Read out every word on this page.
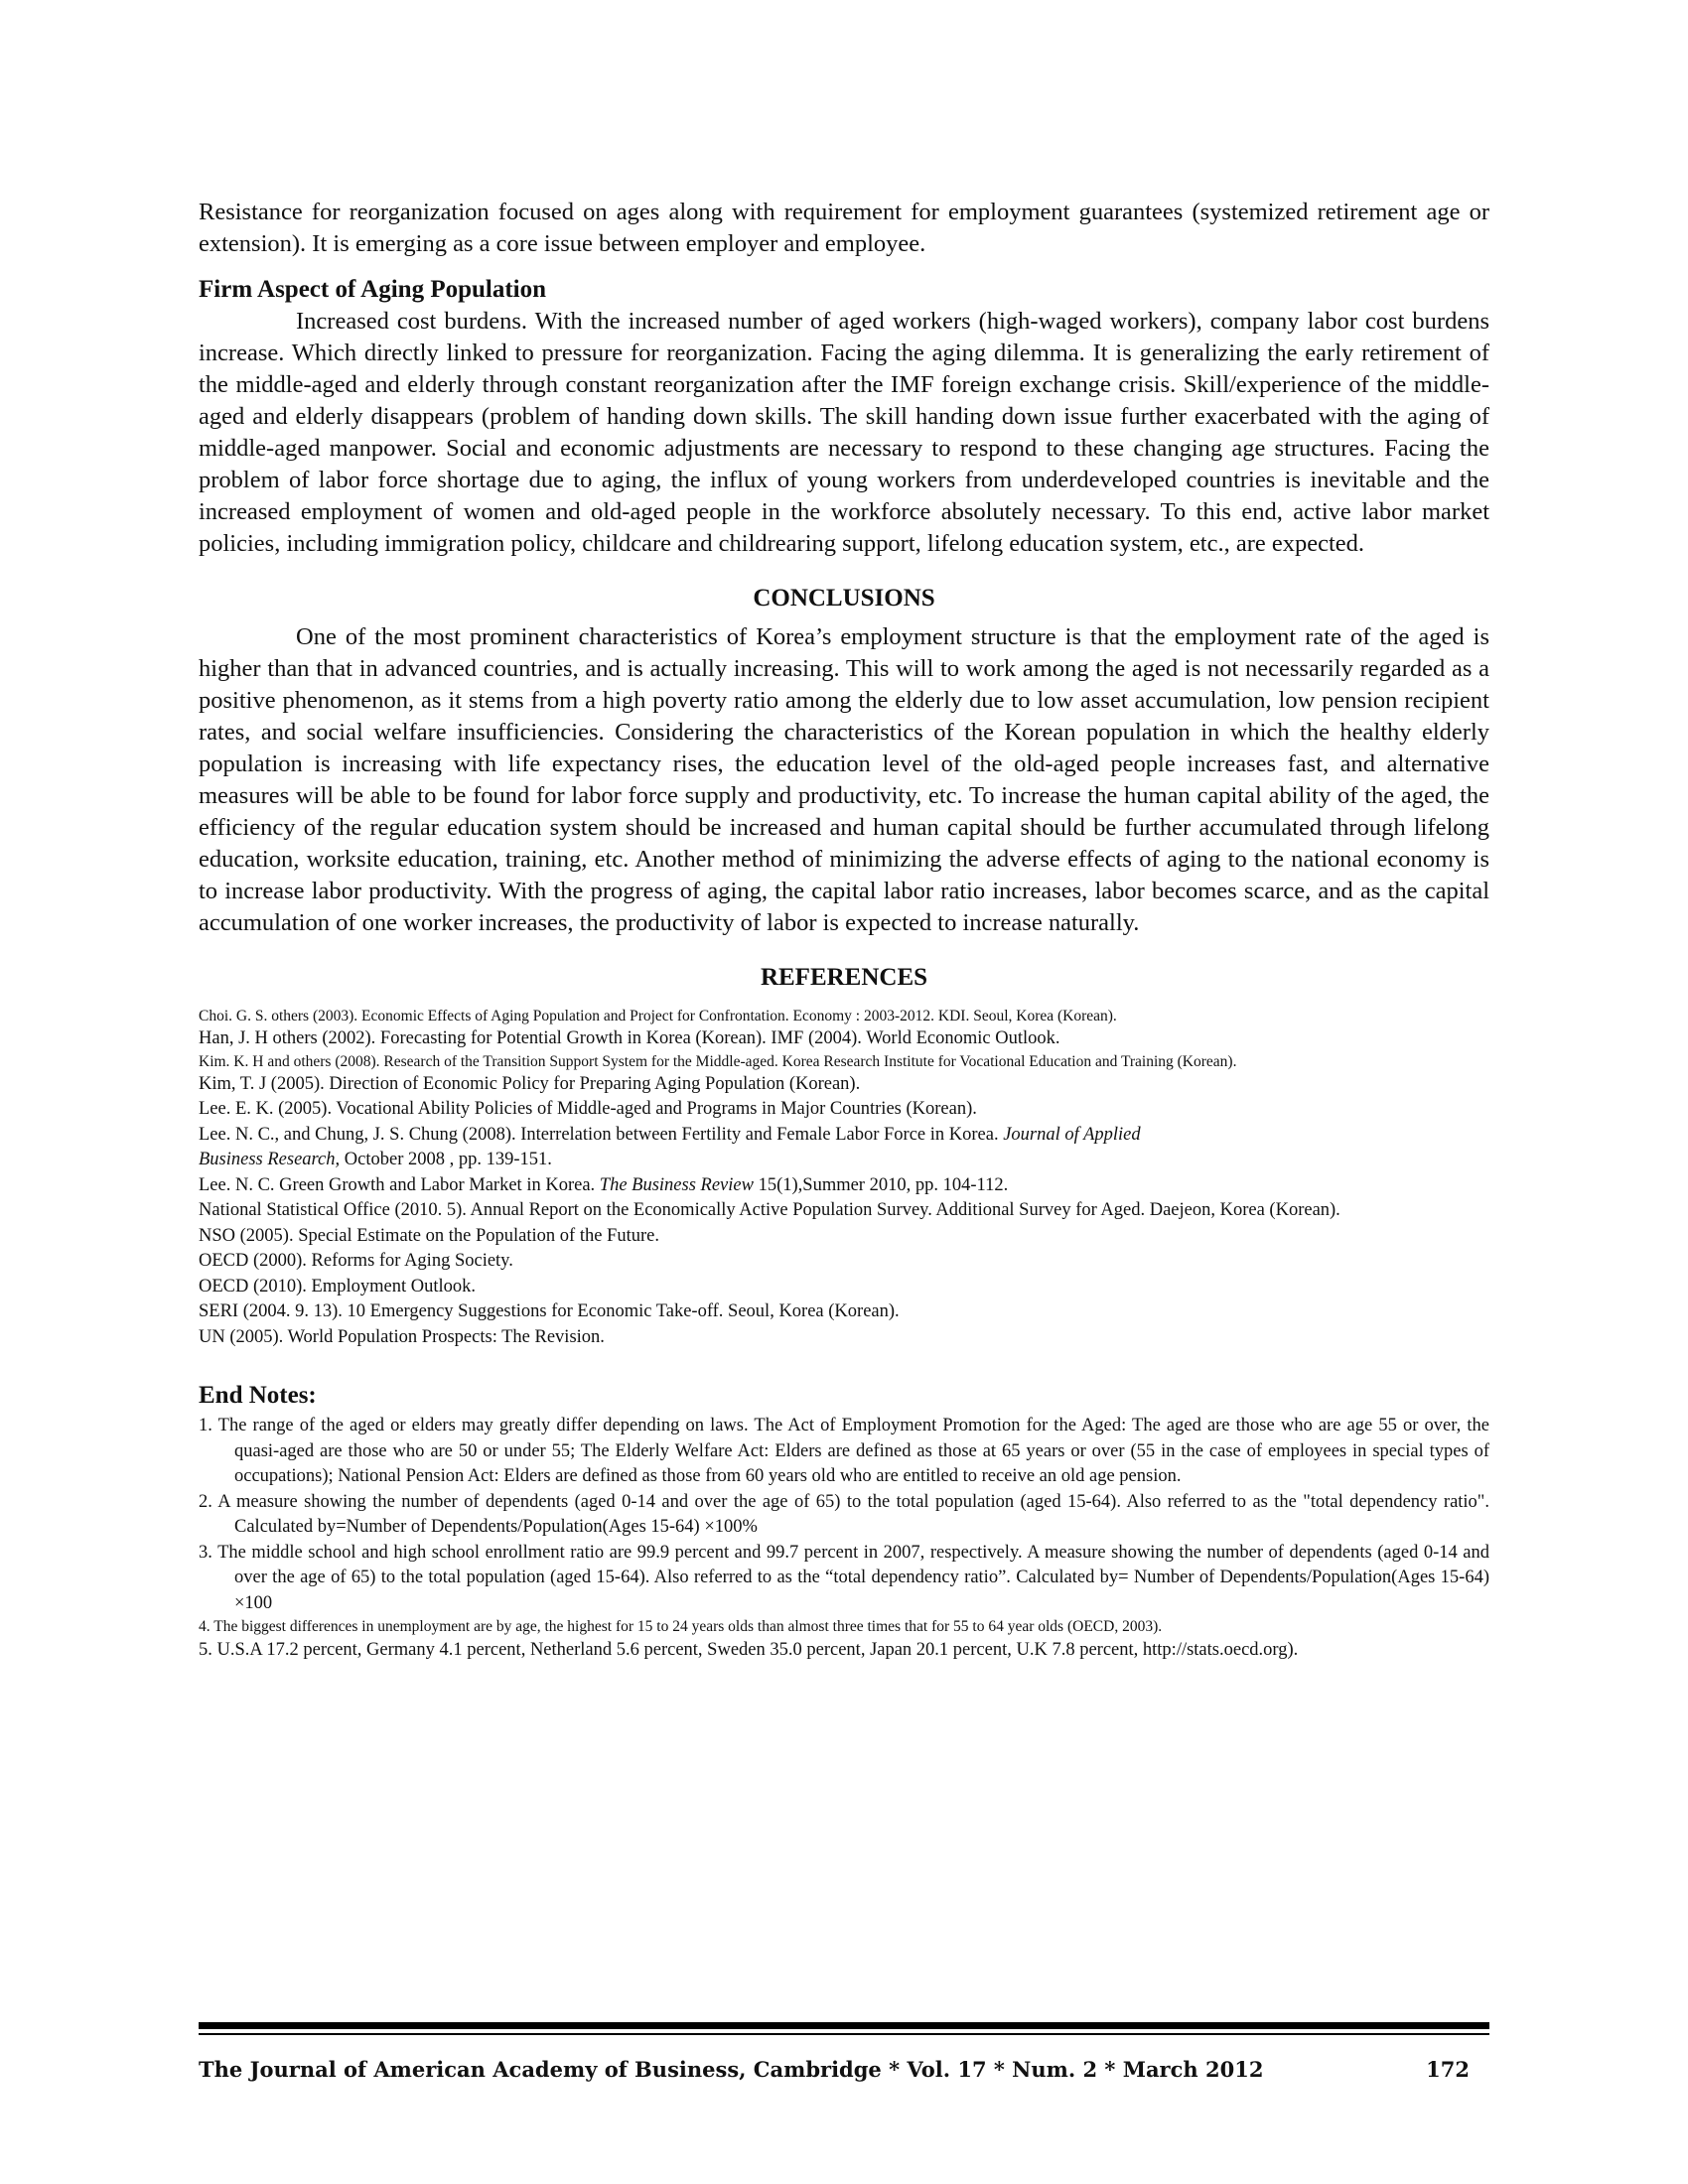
Resistance for reorganization focused on ages along with requirement for employment guarantees (systemized retirement age or extension). It is emerging as a core issue between employer and employee.

Firm Aspect of Aging Population

Increased cost burdens. With the increased number of aged workers (high-waged workers), company labor cost burdens increase. Which directly linked to pressure for reorganization. Facing the aging dilemma. It is generalizing the early retirement of the middle-aged and elderly through constant reorganization after the IMF foreign exchange crisis. Skill/experience of the middle-aged and elderly disappears (problem of handing down skills. The skill handing down issue further exacerbated with the aging of middle-aged manpower. Social and economic adjustments are necessary to respond to these changing age structures. Facing the problem of labor force shortage due to aging, the influx of young workers from underdeveloped countries is inevitable and the increased employment of women and old-aged people in the workforce absolutely necessary. To this end, active labor market policies, including immigration policy, childcare and childrearing support, lifelong education system, etc., are expected.

CONCLUSIONS

One of the most prominent characteristics of Korea’s employment structure is that the employment rate of the aged is higher than that in advanced countries, and is actually increasing. This will to work among the aged is not necessarily regarded as a positive phenomenon, as it stems from a high poverty ratio among the elderly due to low asset accumulation, low pension recipient rates, and social welfare insufficiencies. Considering the characteristics of the Korean population in which the healthy elderly population is increasing with life expectancy rises, the education level of the old-aged people increases fast, and alternative measures will be able to be found for labor force supply and productivity, etc. To increase the human capital ability of the aged, the efficiency of the regular education system should be increased and human capital should be further accumulated through lifelong education, worksite education, training, etc. Another method of minimizing the adverse effects of aging to the national economy is to increase labor productivity. With the progress of aging, the capital labor ratio increases, labor becomes scarce, and as the capital accumulation of one worker increases, the productivity of labor is expected to increase naturally.

REFERENCES

Choi. G. S. others (2003). Economic Effects of Aging Population and Project for Confrontation. Economy : 2003-2012. KDI. Seoul, Korea (Korean).

Han, J. H others (2002). Forecasting for Potential Growth in Korea (Korean). IMF (2004). World Economic Outlook.

Kim. K. H and others (2008). Research of the Transition Support System for the Middle-aged. Korea Research Institute for Vocational Education and Training (Korean).

Kim, T. J (2005). Direction of Economic Policy for Preparing Aging Population (Korean).

Lee. E. K. (2005). Vocational Ability Policies of Middle-aged and Programs in Major Countries (Korean).

Lee. N. C., and Chung, J. S. Chung (2008). Interrelation between Fertility and Female Labor Force in Korea. Journal of Applied
Business Research, October 2008 , pp. 139-151.

Lee. N. C. Green Growth and Labor Market in Korea. The Business Review 15(1),Summer 2010, pp. 104-112.

National Statistical Office (2010. 5). Annual Report on the Economically Active Population Survey. Additional Survey for Aged. Daejeon, Korea (Korean).

NSO (2005). Special Estimate on the Population of the Future.

OECD (2000). Reforms for Aging Society.

OECD (2010). Employment Outlook.

SERI (2004. 9. 13). 10 Emergency Suggestions for Economic Take-off. Seoul, Korea (Korean).

UN (2005). World Population Prospects: The Revision.

End Notes:

1. The range of the aged or elders may greatly differ depending on laws. The Act of Employment Promotion for the Aged: The aged are those who are age 55 or over, the quasi-aged are those who are 50 or under 55; The Elderly Welfare Act: Elders are defined as those at 65 years or over (55 in the case of employees in special types of occupations); National Pension Act: Elders are defined as those from 60 years old who are entitled to receive an old age pension.

2. A measure showing the number of dependents (aged 0-14 and over the age of 65) to the total population (aged 15-64). Also referred to as the "total dependency ratio". Calculated by=Number of Dependents/Population(Ages 15-64) ×100%

3. The middle school and high school enrollment ratio are 99.9 percent and 99.7 percent in 2007, respectively. A measure showing the number of dependents (aged 0-14 and over the age of 65) to the total population (aged 15-64). Also referred to as the “total dependency ratio”. Calculated by= Number of Dependents/Population(Ages 15-64) ×100

4. The biggest differences in unemployment are by age, the highest for 15 to 24 years olds than almost three times that for 55 to 64 year olds (OECD, 2003).

5. U.S.A 17.2 percent, Germany 4.1 percent, Netherland 5.6 percent, Sweden 35.0 percent, Japan 20.1 percent, U.K 7.8 percent, http://stats.oecd.org).

The Journal of American Academy of Business, Cambridge * Vol. 17 * Num. 2 * March 2012	172
